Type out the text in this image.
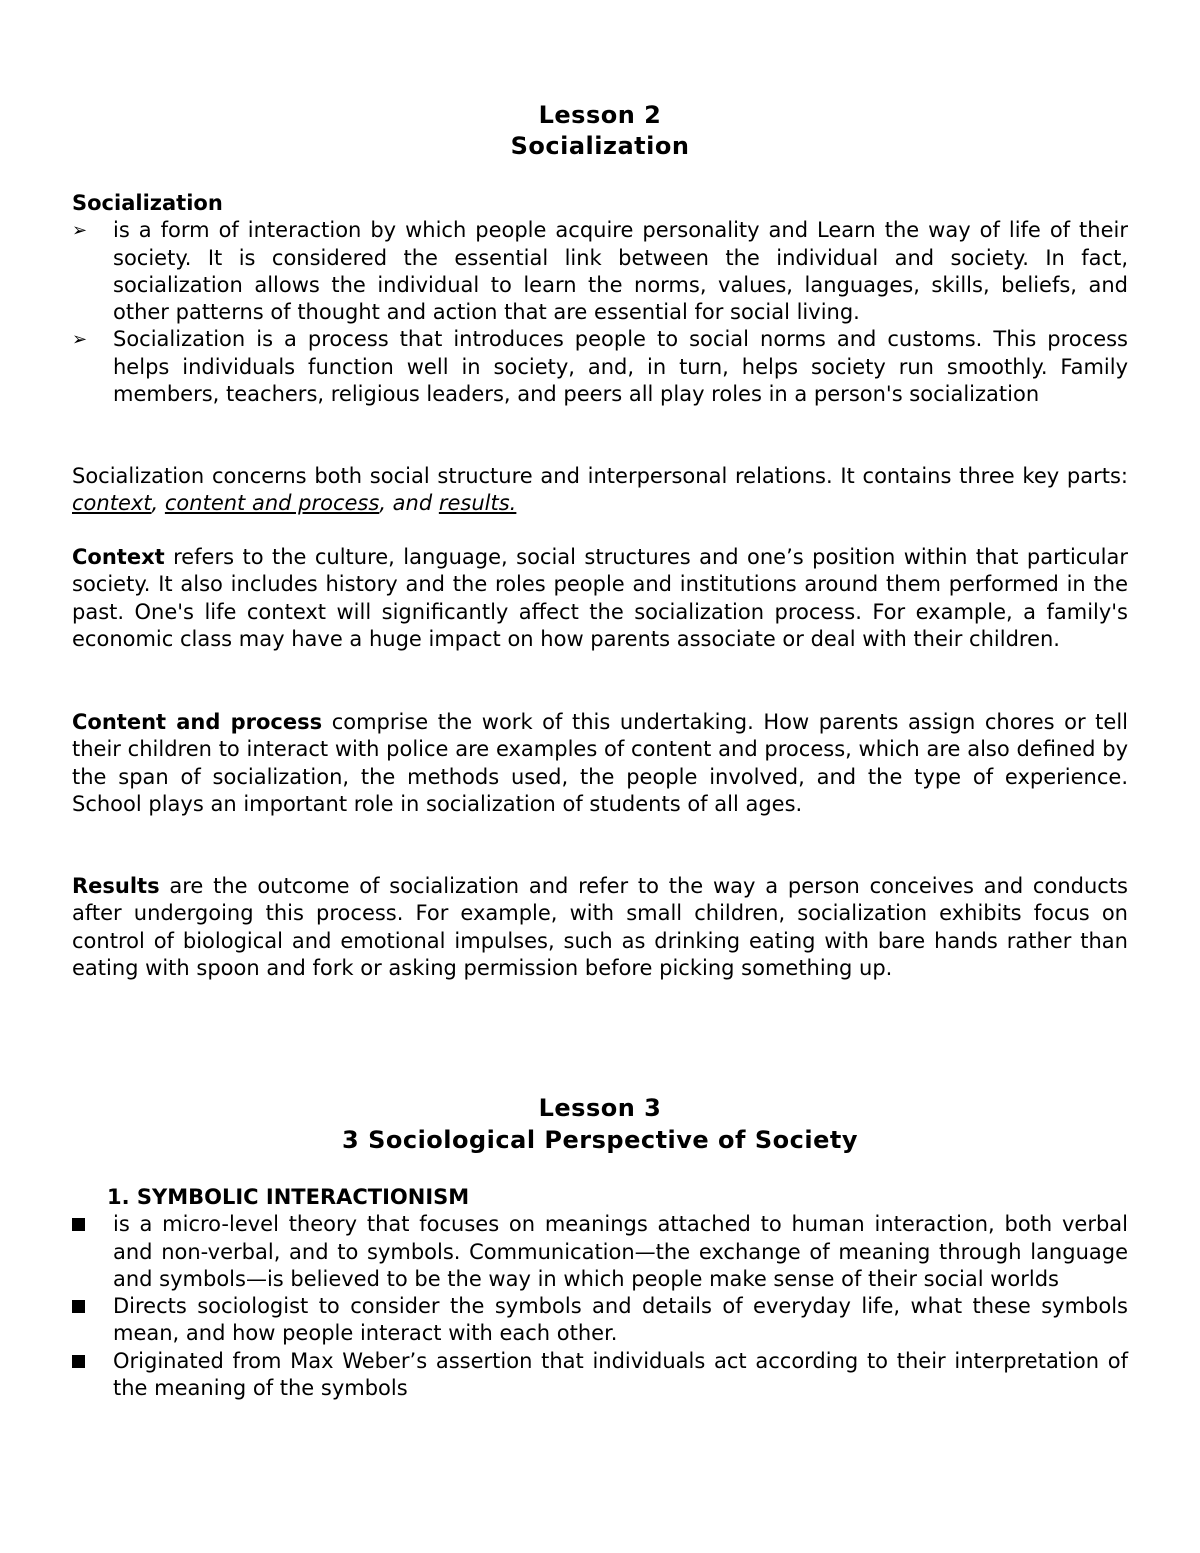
Lesson 2
Socialization
Socialization
➢ is a form of interaction by which people acquire personality and Learn the way of life of their society. It is considered the essential link between the individual and society. In fact, socialization allows the individual to learn the norms, values, languages, skills, beliefs, and other patterns of thought and action that are essential for social living.
➢ Socialization is a process that introduces people to social norms and customs. This process helps individuals function well in society, and, in turn, helps society run smoothly. Family members, teachers, religious leaders, and peers all play roles in a person's socialization
Socialization concerns both social structure and interpersonal relations. It contains three key parts: context, content and process, and results.
Context refers to the culture, language, social structures and one’s position within that particular society. It also includes history and the roles people and institutions around them performed in the past. One's life context will significantly affect the socialization process. For example, a family's economic class may have a huge impact on how parents associate or deal with their children.
Content and process comprise the work of this undertaking. How parents assign chores or tell their children to interact with police are examples of content and process, which are also defined by the span of socialization, the methods used, the people involved, and the type of experience. School plays an important role in socialization of students of all ages.
Results are the outcome of socialization and refer to the way a person conceives and conducts after undergoing this process. For example, with small children, socialization exhibits focus on control of biological and emotional impulses, such as drinking eating with bare hands rather than eating with spoon and fork or asking permission before picking something up.
Lesson 3
3 Sociological Perspective of Society
1. SYMBOLIC INTERACTIONISM
is a micro-level theory that focuses on meanings attached to human interaction, both verbal and non-verbal, and to symbols. Communication—the exchange of meaning through language and symbols—is believed to be the way in which people make sense of their social worlds
Directs sociologist to consider the symbols and details of everyday life, what these symbols mean, and how people interact with each other.
Originated from Max Weber’s assertion that individuals act according to their interpretation of the meaning of the symbols
